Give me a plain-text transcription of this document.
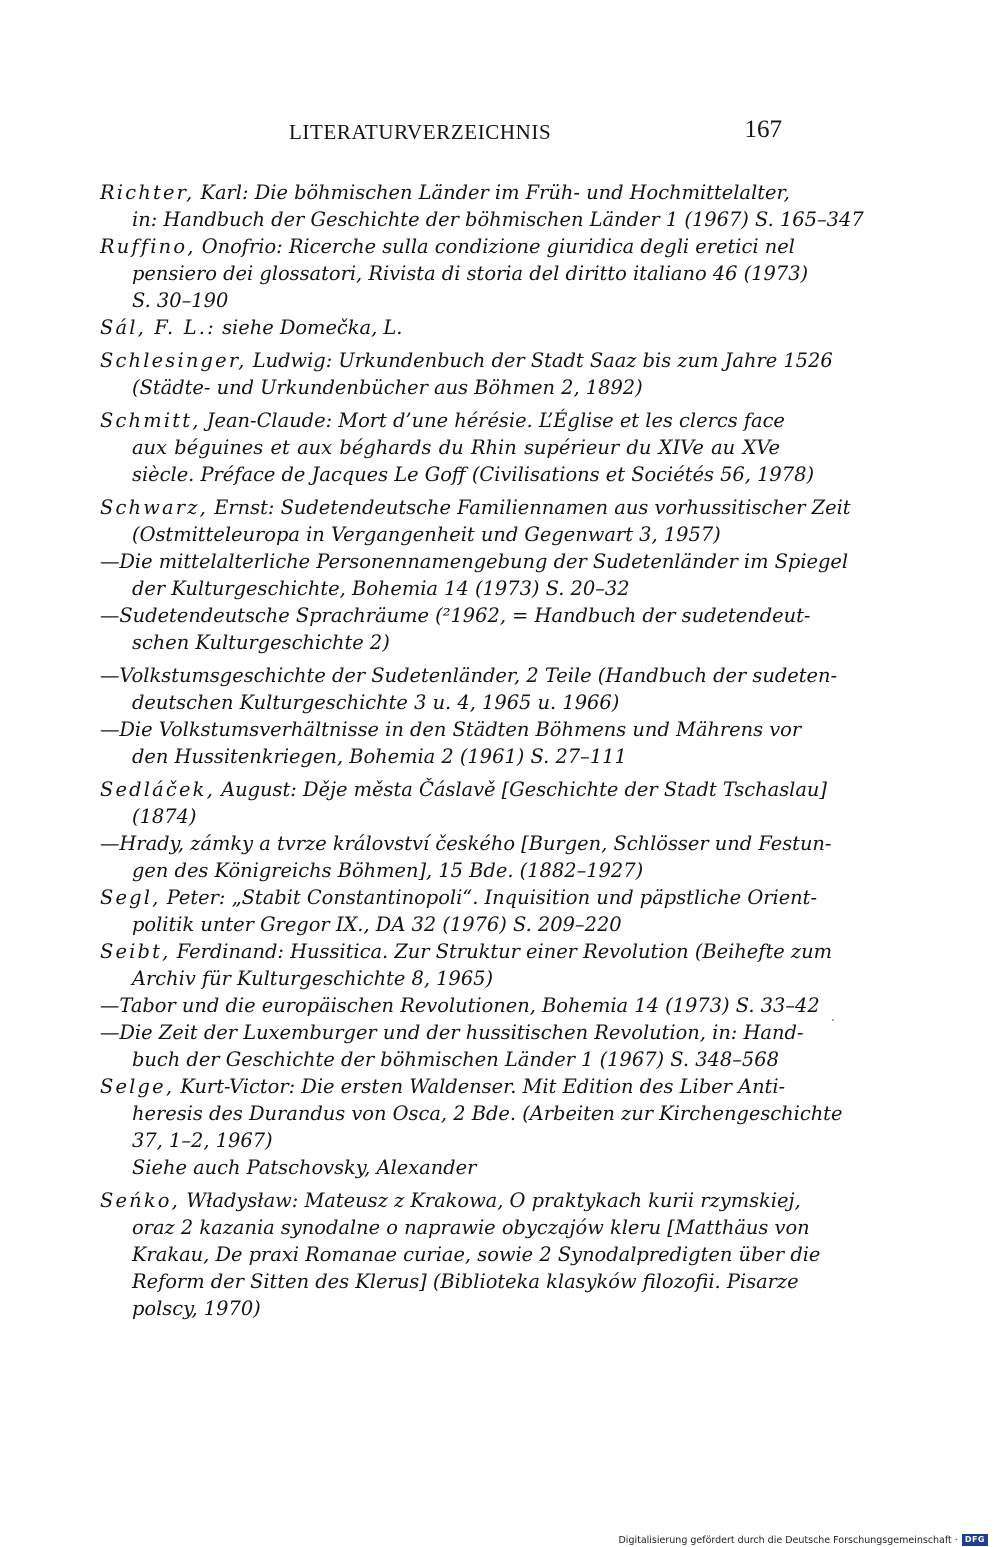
LITERATURVERZEICHNIS	167
Richter, Karl: Die böhmischen Länder im Früh- und Hochmittelalter,
in: Handbuch der Geschichte der böhmischen Länder 1 (1967) S. 165–347
Ruffino, Onofrio: Ricerche sulla condizione giuridica degli eretici nel
pensiero dei glossatori, Rivista di storia del diritto italiano 46 (1973)
S. 30–190
Sál, F. L.: siehe Domečka, L.
Schlesinger, Ludwig: Urkundenbuch der Stadt Saaz bis zum Jahre 1526
(Städte- und Urkundenbücher aus Böhmen 2, 1892)
Schmitt, Jean-Claude: Mort d’une hérésie. L’Église et les clercs face
aux béguines et aux béghards du Rhin supérieur du XIVe au XVe
siècle. Préface de Jacques Le Goff (Civilisations et Sociétés 56, 1978)
Schwarz, Ernst: Sudetendeutsche Familiennamen aus vorhussitischer Zeit
(Ostmitteleuropa in Vergangenheit und Gegenwart 3, 1957)
— Die mittelalterliche Personennamengebung der Sudetenländer im Spiegel
der Kulturgeschichte, Bohemia 14 (1973) S. 20–32
— Sudetendeutsche Sprachräume (²1962, = Handbuch der sudetendeut-
schen Kulturgeschichte 2)
— Volkstumsgeschichte der Sudetenländer, 2 Teile (Handbuch der sudeten-
deutschen Kulturgeschichte 3 u. 4, 1965 u. 1966)
— Die Volkstumsverhältnisse in den Städten Böhmens und Mährens vor
den Hussitenkriegen, Bohemia 2 (1961) S. 27–111
Sedláček, August: Děje města Čáslavě [Geschichte der Stadt Tschaslau]
(1874)
— Hrady, zámky a tvrze království českého [Burgen, Schlösser und Festun-
gen des Königreichs Böhmen], 15 Bde. (1882–1927)
Segl, Peter: „Stabit Constantinopoli“. Inquisition und päpstliche Orient-
politik unter Gregor IX., DA 32 (1976) S. 209–220
Seibt, Ferdinand: Hussitica. Zur Struktur einer Revolution (Beihefte zum
Archiv für Kulturgeschichte 8, 1965)
— Tabor und die europäischen Revolutionen, Bohemia 14 (1973) S. 33–42
— Die Zeit der Luxemburger und der hussitischen Revolution, in: Hand-
buch der Geschichte der böhmischen Länder 1 (1967) S. 348–568
Selge, Kurt-Victor: Die ersten Waldenser. Mit Edition des Liber Anti-
heresis des Durandus von Osca, 2 Bde. (Arbeiten zur Kirchengeschichte
37, 1–2, 1967)
Siehe auch Patschovsky, Alexander
Seńko, Władysław: Mateusz z Krakowa, O praktykach kurii rzymskiej,
oraz 2 kazania synodalne o naprawie obyczajów kleru [Matthäus von
Krakau, De praxi Romanae curiae, sowie 2 Synodalpredigten über die
Reform der Sitten des Klerus] (Biblioteka klasyków filozofii. Pisarze
polscy, 1970)
Digitalisierung gefördert durch die Deutsche Forschungsgemeinschaft · DFG
